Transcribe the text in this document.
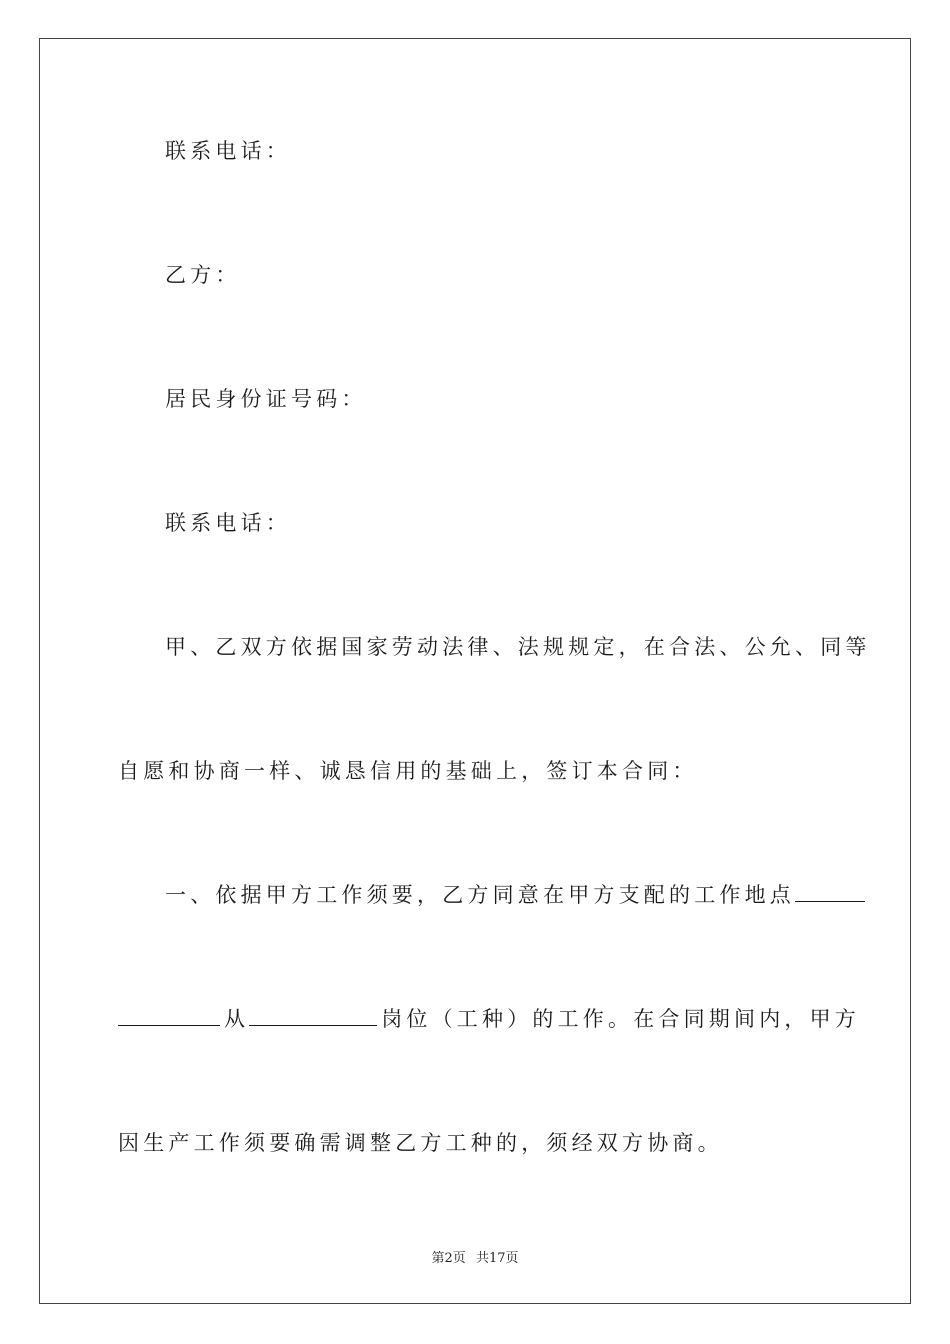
联系电话：
乙方：
居民身份证号码：
联系电话：
甲、乙双方依据国家劳动法律、法规规定，在合法、公允、同等
自愿和协商一样、诚恳信用的基础上，签订本合同：
一、依据甲方工作须要，乙方同意在甲方支配的工作地点
从	岗位（工种）的工作。在合同期间内，甲方
因生产工作须要确需调整乙方工种的，须经双方协商。
第2页 共17页
